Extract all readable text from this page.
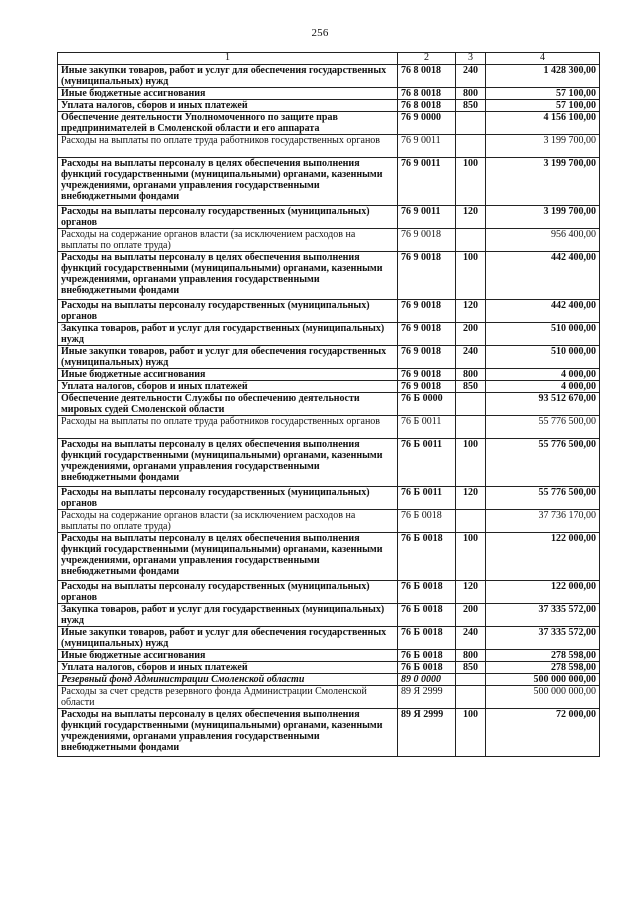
256
1	2	3	4
Иные закупки товаров, работ и услуг для обеспечения государственных (муниципальных) нужд	76 8 0018	240	1 428 300,00
Иные бюджетные ассигнования	76 8 0018	800	57 100,00
Уплата налогов, сборов и иных платежей	76 8 0018	850	57 100,00
Обеспечение деятельности Уполномоченного по защите прав предпринимателей в Смоленской области и его аппарата	76 9 0000		4 156 100,00
Расходы на выплаты по оплате труда работников государственных органов	76 9 0011		3 199 700,00
Расходы на выплаты персоналу в целях обеспечения выполнения функций государственными (муниципальными) органами, казенными учреждениями, органами управления государственными внебюджетными фондами	76 9 0011	100	3 199 700,00
Расходы на выплаты персоналу государственных (муниципальных) органов	76 9 0011	120	3 199 700,00
Расходы на содержание органов власти (за исключением расходов на выплаты по оплате труда)	76 9 0018		956 400,00
Расходы на выплаты персоналу в целях обеспечения выполнения функций государственными (муниципальными) органами, казенными учреждениями, органами управления государственными внебюджетными фондами	76 9 0018	100	442 400,00
Расходы на выплаты персоналу государственных (муниципальных) органов	76 9 0018	120	442 400,00
Закупка товаров, работ и услуг для государственных (муниципальных) нужд	76 9 0018	200	510 000,00
Иные закупки товаров, работ и услуг для обеспечения государственных (муниципальных) нужд	76 9 0018	240	510 000,00
Иные бюджетные ассигнования	76 9 0018	800	4 000,00
Уплата налогов, сборов и иных платежей	76 9 0018	850	4 000,00
Обеспечение деятельности Службы по обеспечению деятельности мировых судей Смоленской области	76 Б 0000		93 512 670,00
Расходы на выплаты по оплате труда работников государственных органов	76 Б 0011		55 776 500,00
Расходы на выплаты персоналу в целях обеспечения выполнения функций государственными (муниципальными) органами, казенными учреждениями, органами управления государственными внебюджетными фондами	76 Б 0011	100	55 776 500,00
Расходы на выплаты персоналу государственных (муниципальных) органов	76 Б 0011	120	55 776 500,00
Расходы на содержание органов власти (за исключением расходов на выплаты по оплате труда)	76 Б 0018		37 736 170,00
Расходы на выплаты персоналу в целях обеспечения выполнения функций государственными (муниципальными) органами, казенными учреждениями, органами управления государственными внебюджетными фондами	76 Б 0018	100	122 000,00
Расходы на выплаты персоналу государственных (муниципальных) органов	76 Б 0018	120	122 000,00
Закупка товаров, работ и услуг для государственных (муниципальных) нужд	76 Б 0018	200	37 335 572,00
Иные закупки товаров, работ и услуг для обеспечения государственных (муниципальных) нужд	76 Б 0018	240	37 335 572,00
Иные бюджетные ассигнования	76 Б 0018	800	278 598,00
Уплата налогов, сборов и иных платежей	76 Б 0018	850	278 598,00
Резервный фонд Администрации Смоленской области	89 0 0000		500 000 000,00
Расходы за счет средств резервного фонда Администрации Смоленской области	89 Я 2999		500 000 000,00
Расходы на выплаты персоналу в целях обеспечения выполнения функций государственными (муниципальными) органами, казенными учреждениями, органами управления государственными внебюджетными фондами	89 Я 2999	100	72 000,00
